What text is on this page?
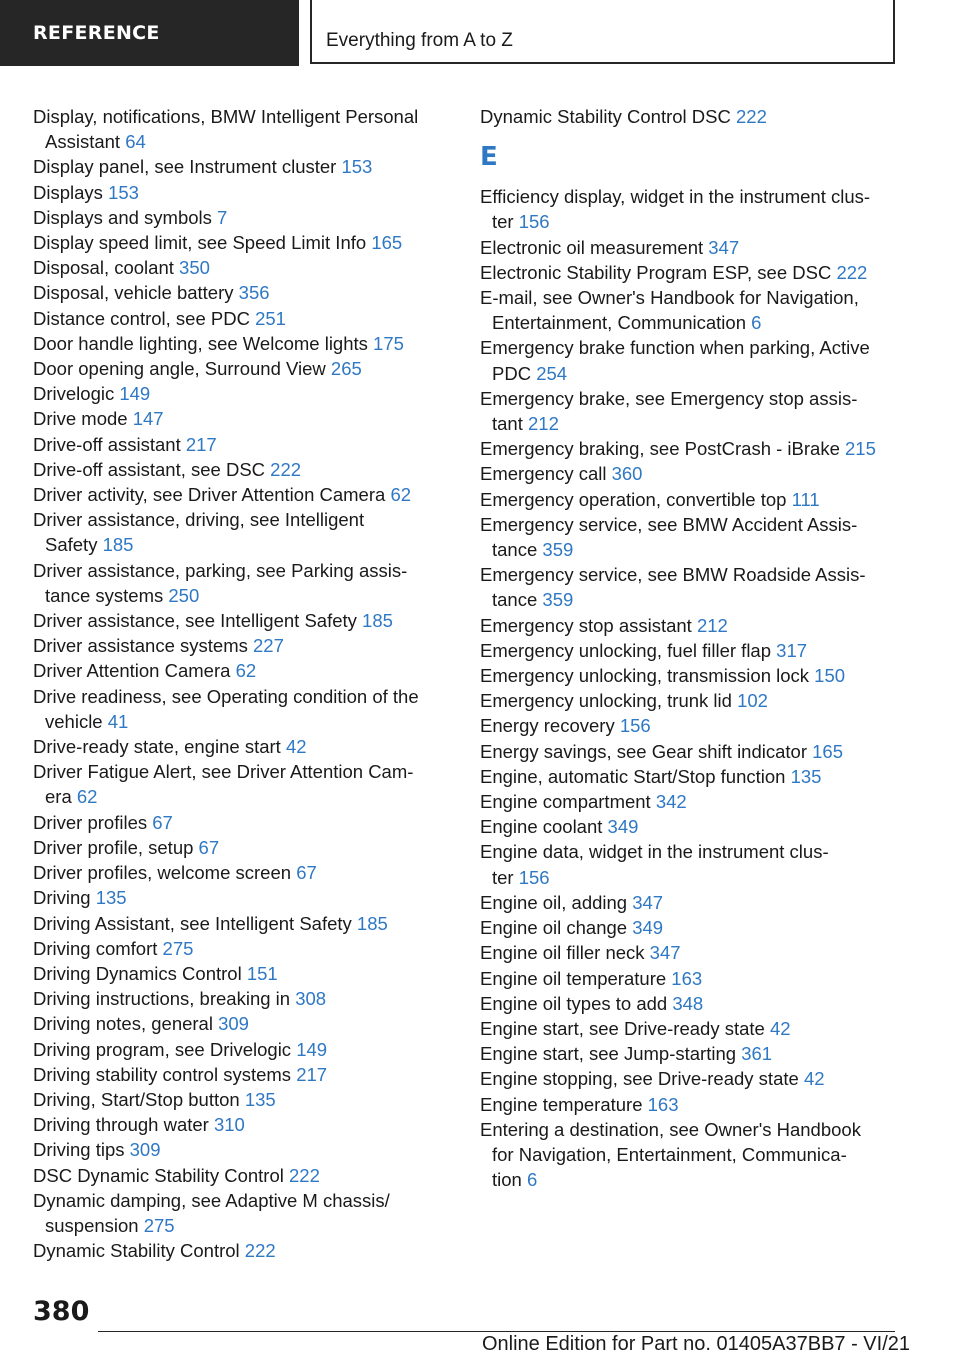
REFERENCE	Everything from A to Z
Display, notifications, BMW Intelligent Personal
Assistant 64
Display panel, see Instrument cluster 153
Displays 153
Displays and symbols 7
Display speed limit, see Speed Limit Info 165
Disposal, coolant 350
Disposal, vehicle battery 356
Distance control, see PDC 251
Door handle lighting, see Welcome lights 175
Door opening angle, Surround View 265
Drivelogic 149
Drive mode 147
Drive-off assistant 217
Drive-off assistant, see DSC 222
Driver activity, see Driver Attention Camera 62
Driver assistance, driving, see Intelligent
Safety 185
Driver assistance, parking, see Parking assis-
tance systems 250
Driver assistance, see Intelligent Safety 185
Driver assistance systems 227
Driver Attention Camera 62
Drive readiness, see Operating condition of the
vehicle 41
Drive-ready state, engine start 42
Driver Fatigue Alert, see Driver Attention Cam-
era 62
Driver profiles 67
Driver profile, setup 67
Driver profiles, welcome screen 67
Driving 135
Driving Assistant, see Intelligent Safety 185
Driving comfort 275
Driving Dynamics Control 151
Driving instructions, breaking in 308
Driving notes, general 309
Driving program, see Drivelogic 149
Driving stability control systems 217
Driving, Start/Stop button 135
Driving through water 310
Driving tips 309
DSC Dynamic Stability Control 222
Dynamic damping, see Adaptive M chassis/
suspension 275
Dynamic Stability Control 222
Dynamic Stability Control DSC 222
E
Efficiency display, widget in the instrument clus-
ter 156
Electronic oil measurement 347
Electronic Stability Program ESP, see DSC 222
E-mail, see Owner's Handbook for Navigation,
Entertainment, Communication 6
Emergency brake function when parking, Active
PDC 254
Emergency brake, see Emergency stop assis-
tant 212
Emergency braking, see PostCrash - iBrake 215
Emergency call 360
Emergency operation, convertible top 111
Emergency service, see BMW Accident Assis-
tance 359
Emergency service, see BMW Roadside Assis-
tance 359
Emergency stop assistant 212
Emergency unlocking, fuel filler flap 317
Emergency unlocking, transmission lock 150
Emergency unlocking, trunk lid 102
Energy recovery 156
Energy savings, see Gear shift indicator 165
Engine, automatic Start/Stop function 135
Engine compartment 342
Engine coolant 349
Engine data, widget in the instrument clus-
ter 156
Engine oil, adding 347
Engine oil change 349
Engine oil filler neck 347
Engine oil temperature 163
Engine oil types to add 348
Engine start, see Drive-ready state 42
Engine start, see Jump-starting 361
Engine stopping, see Drive-ready state 42
Engine temperature 163
Entering a destination, see Owner's Handbook
for Navigation, Entertainment, Communica-
tion 6
380
Online Edition for Part no. 01405A37BB7 - VI/21
